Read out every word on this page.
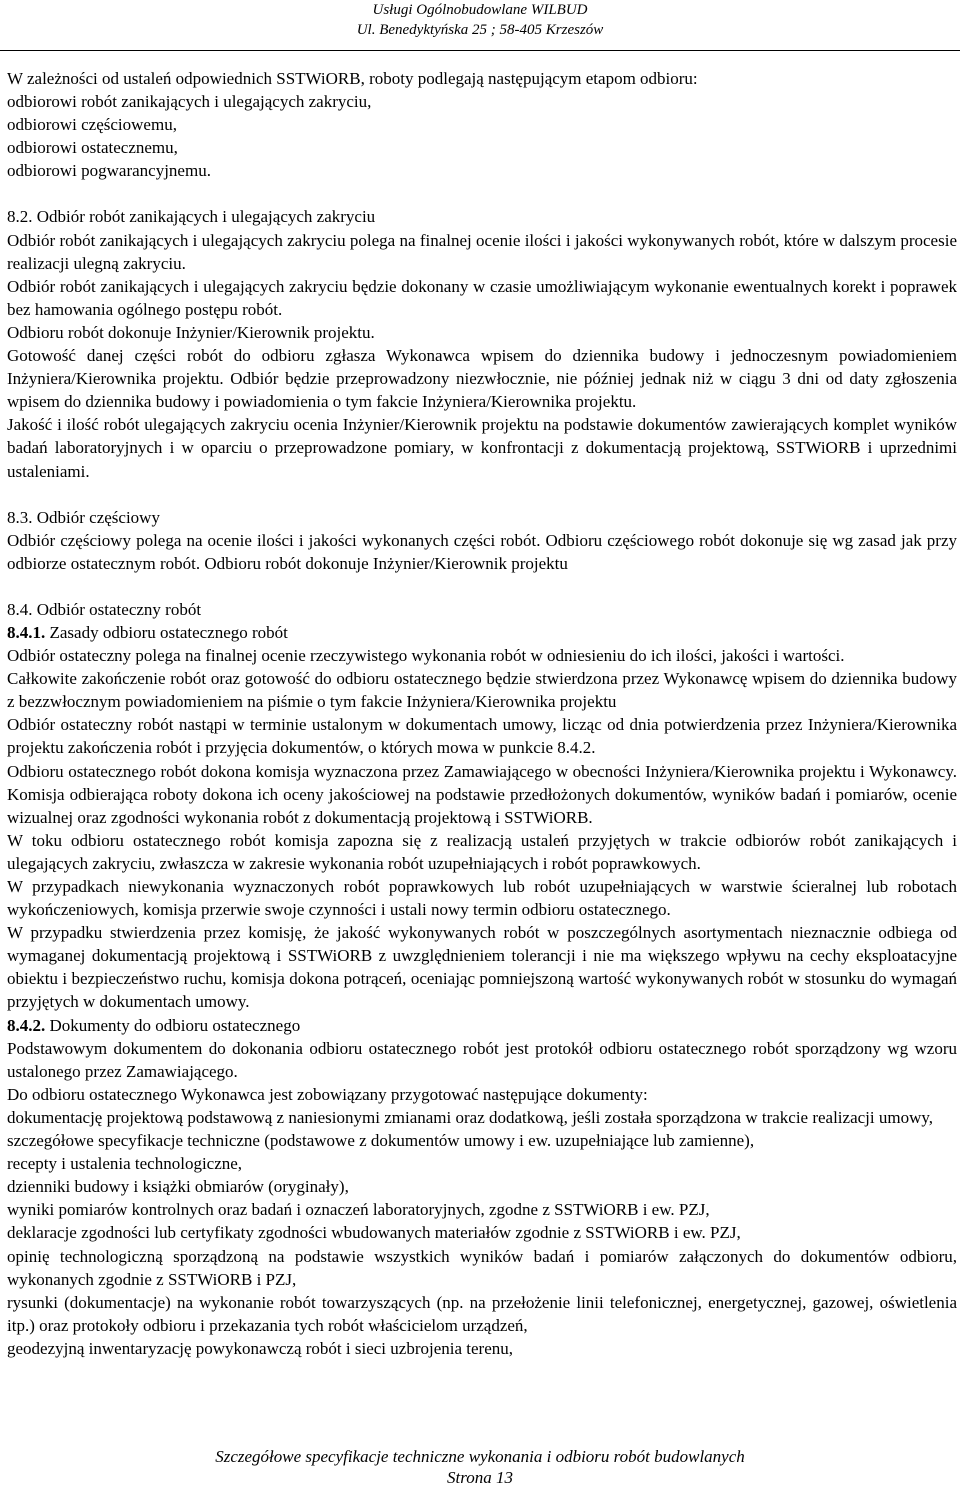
Usługi Ogólnobudowlane WILBUD
Ul. Benedyktyńska 25 ; 58-405 Krzeszów

W zależności od ustaleń odpowiednich SSTWiORB, roboty podlegają następującym etapom odbioru:

odbiorowi robót zanikających i ulegających zakryciu,

odbiorowi częściowemu,

odbiorowi ostatecznemu,

odbiorowi pogwarancyjnemu.

8.2. Odbiór robót zanikających i ulegających zakryciu

Odbiór robót zanikających i ulegających zakryciu polega na finalnej ocenie ilości i jakości wykonywanych robót, które w dalszym procesie realizacji ulegną zakryciu.

Odbiór robót zanikających i ulegających zakryciu będzie dokonany w czasie umożliwiającym wykonanie ewentualnych korekt i poprawek bez hamowania ogólnego postępu robót.

Odbioru robót dokonuje Inżynier/Kierownik projektu.

Gotowość danej części robót do odbioru zgłasza Wykonawca wpisem do dziennika budowy i jednoczesnym powiadomieniem Inżyniera/Kierownika projektu. Odbiór będzie przeprowadzony niezwłocznie, nie później jednak niż w ciągu 3 dni od daty zgłoszenia wpisem do dziennika budowy i powiadomienia o tym fakcie Inżyniera/Kierownika projektu.

Jakość i ilość robót ulegających zakryciu ocenia Inżynier/Kierownik projektu na podstawie dokumentów zawierających komplet wyników badań laboratoryjnych i w oparciu o przeprowadzone pomiary, w konfrontacji z dokumentacją projektową, SSTWiORB i uprzednimi ustaleniami.

8.3. Odbiór częściowy

Odbiór częściowy polega na ocenie ilości i jakości wykonanych części robót. Odbioru częściowego robót dokonuje się wg zasad jak przy odbiorze ostatecznym robót. Odbioru robót dokonuje Inżynier/Kierownik projektu

8.4. Odbiór ostateczny robót

8.4.1. Zasady odbioru ostatecznego robót

Odbiór ostateczny polega na finalnej ocenie rzeczywistego wykonania robót w odniesieniu do ich ilości, jakości i wartości.

Całkowite zakończenie robót oraz gotowość do odbioru ostatecznego będzie stwierdzona przez Wykonawcę wpisem do dziennika budowy z bezzwłocznym powiadomieniem na piśmie o tym fakcie Inżyniera/Kierownika projektu

Odbiór ostateczny robót nastąpi w terminie ustalonym w dokumentach umowy, licząc od dnia potwierdzenia przez Inżyniera/Kierownika projektu zakończenia robót i przyjęcia dokumentów, o których mowa w punkcie 8.4.2.

Odbioru ostatecznego robót dokona komisja wyznaczona przez Zamawiającego w obecności Inżyniera/Kierownika projektu i Wykonawcy. Komisja odbierająca roboty dokona ich oceny jakościowej na podstawie przedłożonych dokumentów, wyników badań i pomiarów, ocenie wizualnej oraz zgodności wykonania robót z dokumentacją projektową i SSTWiORB.

W toku odbioru ostatecznego robót komisja zapozna się z realizacją ustaleń przyjętych w trakcie odbiorów robót zanikających i ulegających zakryciu, zwłaszcza w zakresie wykonania robót uzupełniających i robót poprawkowych.

W przypadkach niewykonania wyznaczonych robót poprawkowych lub robót uzupełniających w warstwie ścieralnej lub robotach wykończeniowych, komisja przerwie swoje czynności i ustali nowy termin odbioru ostatecznego.

W przypadku stwierdzenia przez komisję, że jakość wykonywanych robót w poszczególnych asortymentach nieznacznie odbiega od wymaganej dokumentacją projektową i SSTWiORB z uwzględnieniem tolerancji i nie ma większego wpływu na cechy eksploatacyjne obiektu i bezpieczeństwo ruchu, komisja dokona potrąceń, oceniając pomniejszoną wartość wykonywanych robót w stosunku do wymagań przyjętych w dokumentach umowy.

8.4.2. Dokumenty do odbioru ostatecznego

Podstawowym dokumentem do dokonania odbioru ostatecznego robót jest protokół odbioru ostatecznego robót sporządzony wg wzoru ustalonego przez Zamawiającego.

Do odbioru ostatecznego Wykonawca jest zobowiązany przygotować następujące dokumenty:

dokumentację projektową podstawową z naniesionymi zmianami oraz dodatkową, jeśli została sporządzona w trakcie realizacji umowy,

szczegółowe specyfikacje techniczne (podstawowe z dokumentów umowy i ew. uzupełniające lub zamienne),

recepty i ustalenia technologiczne,

dzienniki budowy i książki obmiarów (oryginały),

wyniki pomiarów kontrolnych oraz badań i oznaczeń laboratoryjnych, zgodne z SSTWiORB i ew. PZJ,

deklaracje zgodności lub certyfikaty zgodności wbudowanych materiałów zgodnie z SSTWiORB i ew. PZJ,

opinię technologiczną sporządzoną na podstawie wszystkich wyników badań i pomiarów załączonych do dokumentów odbioru, wykonanych zgodnie z SSTWiORB i PZJ,

rysunki (dokumentacje) na wykonanie robót towarzyszących (np. na przełożenie linii telefonicznej, energetycznej, gazowej, oświetlenia itp.) oraz protokoły odbioru i przekazania tych robót właścicielom urządzeń,

geodezyjną inwentaryzację powykonawczą robót i sieci uzbrojenia terenu,

Szczegółowe specyfikacje techniczne wykonania i odbioru robót budowlanych
Strona 13
